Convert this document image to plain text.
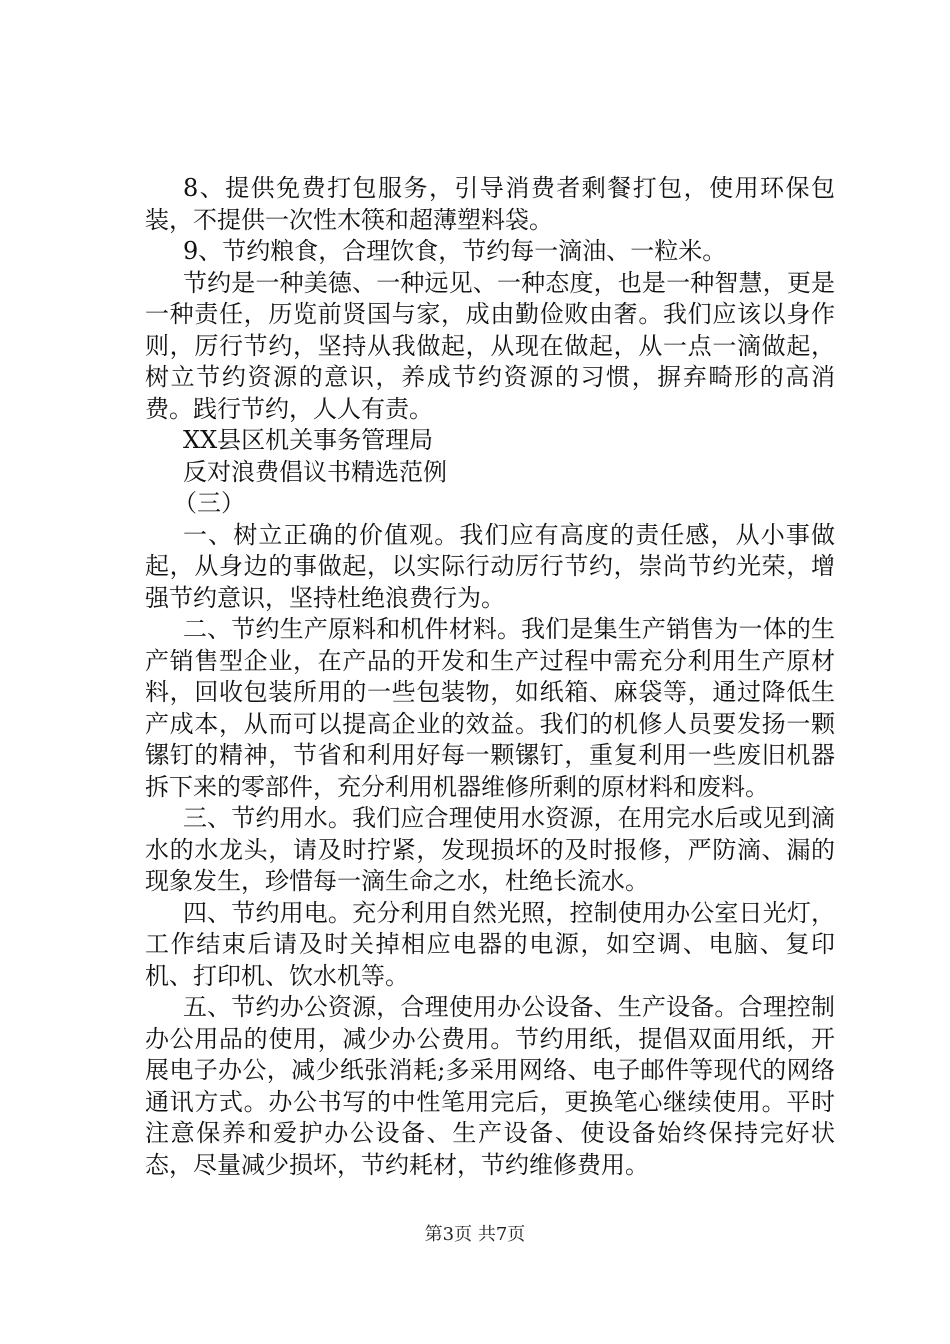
8、提供免费打包服务，引导消费者剩餐打包，使用环保包装，不提供一次性木筷和超薄塑料袋。

9、节约粮食，合理饮食，节约每一滴油、一粒米。

节约是一种美德、一种远见、一种态度，也是一种智慧，更是一种责任，历览前贤国与家，成由勤俭败由奢。我们应该以身作则，厉行节约，坚持从我做起，从现在做起，从一点一滴做起，树立节约资源的意识，养成节约资源的习惯，摒弃畸形的高消费。践行节约，人人有责。

XX县区机关事务管理局

反对浪费倡议书精选范例

（三）

一、树立正确的价值观。我们应有高度的责任感，从小事做起，从身边的事做起，以实际行动厉行节约，崇尚节约光荣，增强节约意识，坚持杜绝浪费行为。

二、节约生产原料和机件材料。我们是集生产销售为一体的生产销售型企业，在产品的开发和生产过程中需充分利用生产原材料，回收包装所用的一些包装物，如纸箱、麻袋等，通过降低生产成本，从而可以提高企业的效益。我们的机修人员要发扬一颗镙钉的精神，节省和利用好每一颗镙钉，重复利用一些废旧机器拆下来的零部件，充分利用机器维修所剩的原材料和废料。

三、节约用水。我们应合理使用水资源，在用完水后或见到滴水的水龙头，请及时拧紧，发现损坏的及时报修，严防滴、漏的现象发生，珍惜每一滴生命之水，杜绝长流水。

四、节约用电。充分利用自然光照，控制使用办公室日光灯，工作结束后请及时关掉相应电器的电源，如空调、电脑、复印机、打印机、饮水机等。

五、节约办公资源，合理使用办公设备、生产设备。合理控制办公用品的使用，减少办公费用。节约用纸，提倡双面用纸，开展电子办公，减少纸张消耗;多采用网络、电子邮件等现代的网络通讯方式。办公书写的中性笔用完后，更换笔心继续使用。平时注意保养和爱护办公设备、生产设备、使设备始终保持完好状态，尽量减少损坏，节约耗材，节约维修费用。

第3页 共7页
